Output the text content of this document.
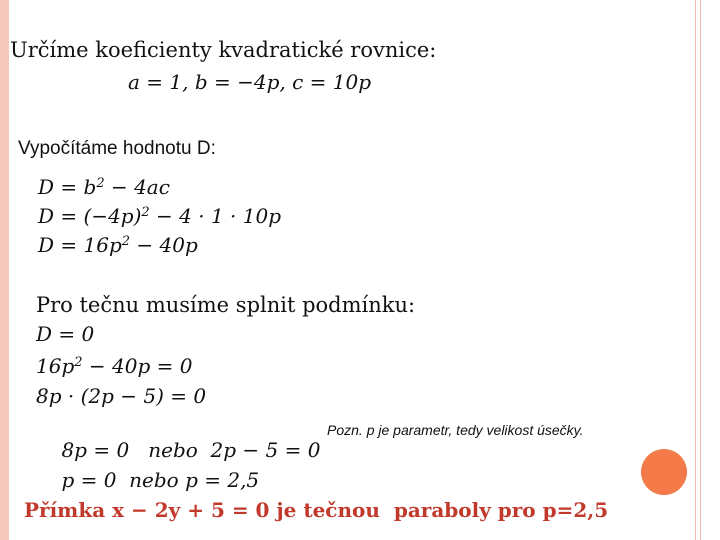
Určíme koeficienty kvadratické rovnice:
a = 1, b = −4p, c = 10p
Vypočítáme hodnotu D:
$D = b^2 - 4ac$
$D = (-4p)^2 - 4 \cdot 1 \cdot 10p$
$D = 16p^2 - 40p$
Pro tečnu musíme splnit podmínku:
D = 0
$16p^2 - 40p = 0$
8p · (2p − 5) = 0

8p = 0   nebo  2p − 5 = 0

p = 0  nebo p = 2,5

Pozn. p je parametr, tedy velikost úsečky.
Přímka x − 2y + 5 = 0 je tečnou  paraboly pro p=2,5
